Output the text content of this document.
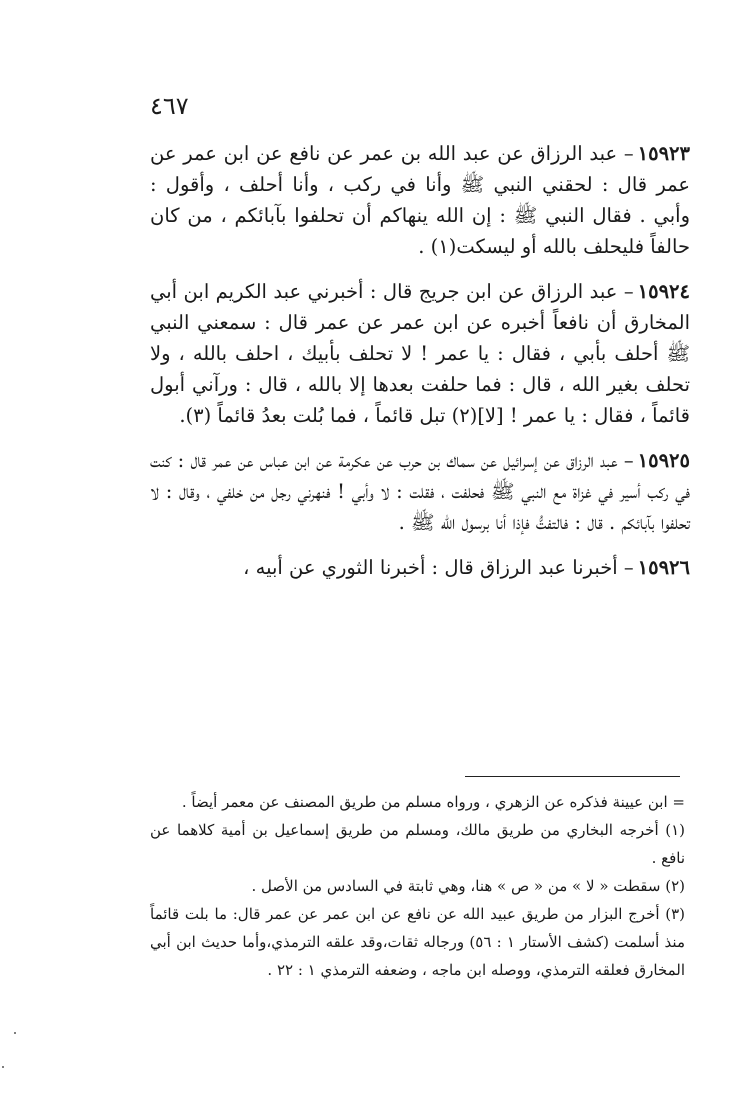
٤٦٧

١٥٩٢٣– عبد الرزاق عن عبد الله بن عمر عن نافع عن ابن عمر عن عمر قال : لحقني النبي ﷺ وأنا في ركب ، وأنا أحلف ، وأقول : وأبي . فقال النبي ﷺ : إن الله ينهاكم أن تحلفوا بآبائكم ، من كان حالفاً فليحلف بالله أو ليسكت(١) .

١٥٩٢٤– عبد الرزاق عن ابن جريج قال : أخبرني عبد الكريم ابن أبي المخارق أن نافعاً أخبره عن ابن عمر عن عمر قال : سمعني النبي ﷺ أحلف بأبي ، فقال : يا عمر ! لا تحلف بأبيك ، احلف بالله ، ولا تحلف بغير الله ، قال : فما حلفت بعدها إلا بالله ، قال : ورآني أبول قائماً ، فقال : يا عمر ! [لا](٢) تبل قائماً ، فما بُلت بعدُ قائماً (٣).

١٥٩٢٥– عبد الرزاق عن إسرائيل عن سماك بن حرب عن عكرمة عن ابن عباس عن عمر قال : كنت في ركب أسير في غزاة مع النبي ﷺ فحلفت ، فقلت : لا وأبي ! فنهرني رجل من خلفي ، وقال : لا تحلفوا بآبائكم . قال : فالتفتُّ فإذا أنا برسول الله ﷺ .

١٥٩٢٦– أخبرنا عبد الرزاق قال : أخبرنا الثوري عن أبيه ،

= ابن عيينة فذكره عن الزهري ، ورواه مسلم من طريق المصنف عن معمر أيضاً .

(١) أخرجه البخاري من طريق مالك، ومسلم من طريق إسماعيل بن أمية كلاهما عن نافع .

(٢) سقطت « لا » من « ص » هنا، وهي ثابتة في السادس من الأصل .

(٣) أخرج البزار من طريق عبيد الله عن نافع عن ابن عمر عن عمر قال: ما بلت قائماً منذ أسلمت (كشف الأستار ١ : ٥٦) ورجاله ثقات،وقد علقه الترمذي،وأما حديث ابن أبي المخارق فعلقه الترمذي، ووصله ابن ماجه ، وضعفه الترمذي ١ : ٢٢ .
